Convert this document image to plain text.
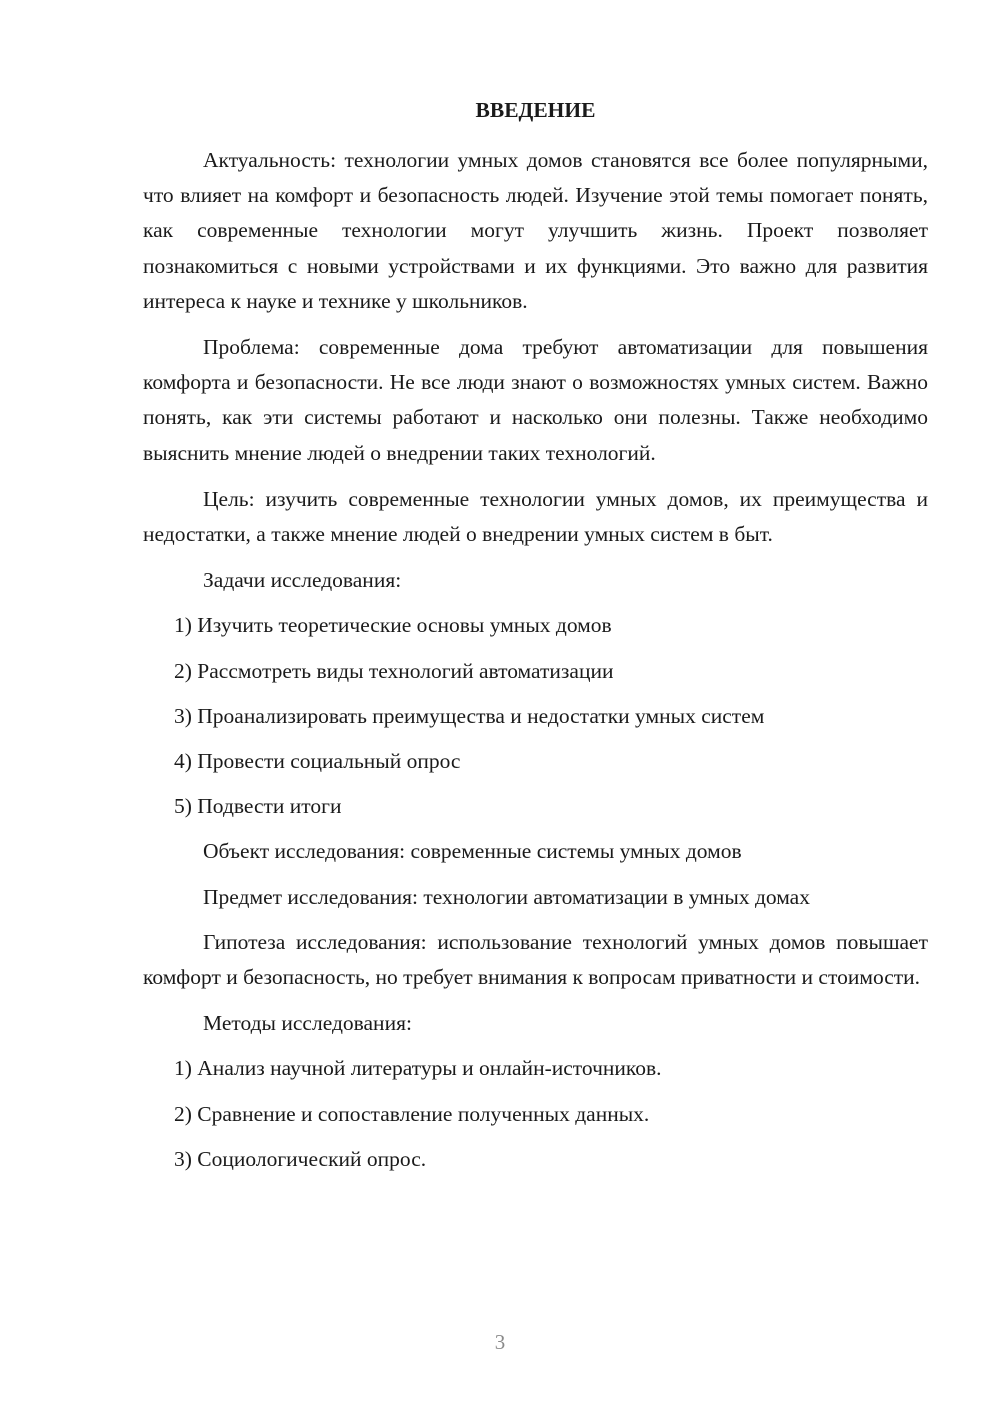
ВВЕДЕНИЕ
Актуальность: технологии умных домов становятся все более популярными, что влияет на комфорт и безопасность людей. Изучение этой темы помогает понять, как современные технологии могут улучшить жизнь. Проект позволяет познакомиться с новыми устройствами и их функциями. Это важно для развития интереса к науке и технике у школьников.
Проблема: современные дома требуют автоматизации для повышения комфорта и безопасности. Не все люди знают о возможностях умных систем. Важно понять, как эти системы работают и насколько они полезны. Также необходимо выяснить мнение людей о внедрении таких технологий.
Цель: изучить современные технологии умных домов, их преимущества и недостатки, а также мнение людей о внедрении умных систем в быт.
Задачи исследования:
1) Изучить теоретические основы умных домов
2) Рассмотреть виды технологий автоматизации
3) Проанализировать преимущества и недостатки умных систем
4) Провести социальный опрос
5) Подвести итоги
Объект исследования: современные системы умных домов
Предмет исследования: технологии автоматизации в умных домах
Гипотеза исследования: использование технологий умных домов повышает комфорт и безопасность, но требует внимания к вопросам приватности и стоимости.
Методы исследования:
1) Анализ научной литературы и онлайн-источников.
2) Сравнение и сопоставление полученных данных.
3) Социологический опрос.
3
